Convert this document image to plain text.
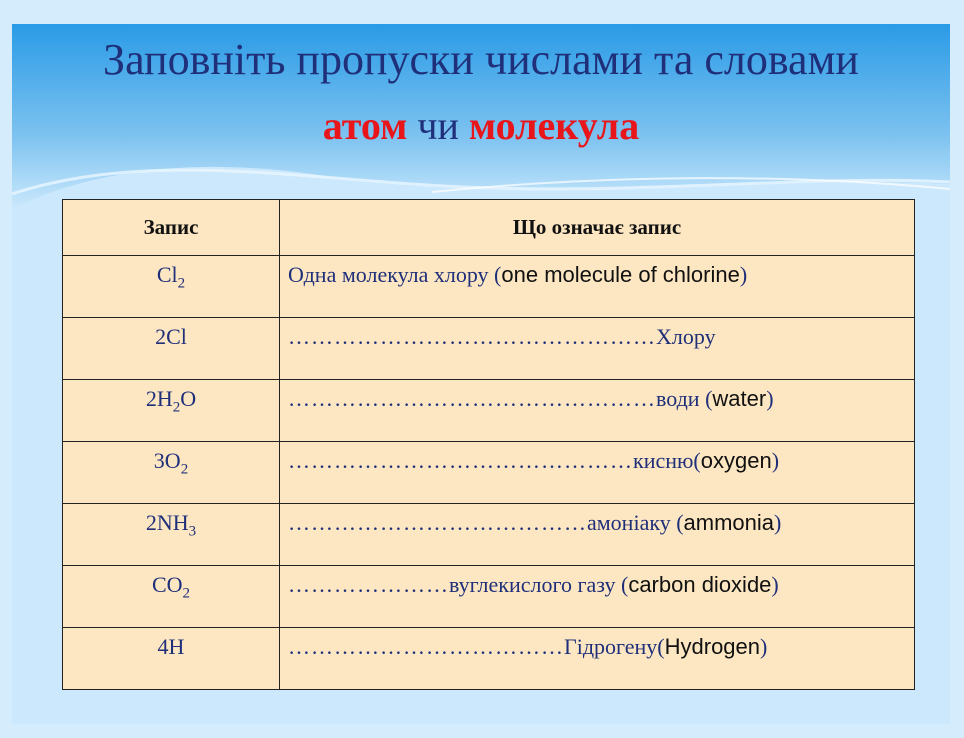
Заповніть пропуски числами та словами
атом чи молекула
Запис	Що означає запис
$Cl_2$	Одна молекула хлору (one molecule of chlorine)
2Cl	…………………………………………Хлору
$2H_2O$	…………………………………………води (water)
$3O_2$	………………………………………кисню(oxygen)
$2NH_3$	…………………………………амоніаку (ammonia)
$CO_2$	…………………вуглекислого газу (carbon dioxide)
4H	………………………………Гідрогену(Hydrogen)
